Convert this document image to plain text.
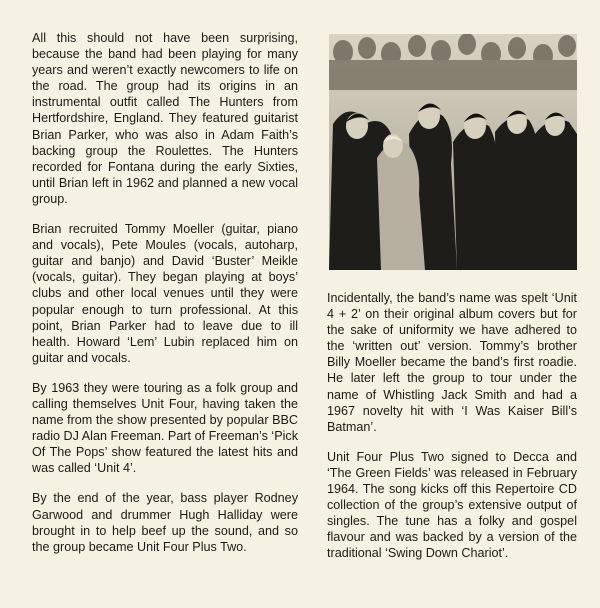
All this should not have been surprising, because the band had been playing for many years and weren’t exactly newcomers to life on the road. The group had its origins in an instrumental outfit called The Hunters from Hertfordshire, England. They featured guitarist Brian Parker, who was also in Adam Faith’s backing group the Roulettes. The Hunters recorded for Fontana during the early Sixties, until Brian left in 1962 and planned a new vocal group.

Brian recruited Tommy Moeller (guitar, piano and vocals), Pete Moules (vocals, autoharp, guitar and banjo) and David ‘Buster’ Meikle (vocals, guitar). They began playing at boys’ clubs and other local venues until they were popular enough to turn professional. At this point, Brian Parker had to leave due to ill health. Howard ‘Lem’ Lubin replaced him on guitar and vocals.

By 1963 they were touring as a folk group and calling themselves Unit Four, having taken the name from the show presented by popular BBC radio DJ Alan Freeman. Part of Freeman’s ‘Pick Of The Pops’ show featured the latest hits and was called ‘Unit 4’.

By the end of the year, bass player Rodney Garwood and drummer Hugh Halliday were brought in to help beef up the sound, and so the group became Unit Four Plus Two.

Incidentally, the band’s name was spelt ‘Unit 4 + 2’ on their original album covers but for the sake of uniformity we have adhered to the ‘written out’ version. Tommy’s brother Billy Moeller became the band’s first roadie. He later left the group to tour under the name of Whistling Jack Smith and had a 1967 novelty hit with ‘I Was Kaiser Bill’s Batman’.

Unit Four Plus Two signed to Decca and ‘The Green Fields’ was released in February 1964. The song kicks off this Repertoire CD collection of the group’s extensive output of singles. The tune has a folky and gospel flavour and was backed by a version of the traditional ‘Swing Down Chariot’.
